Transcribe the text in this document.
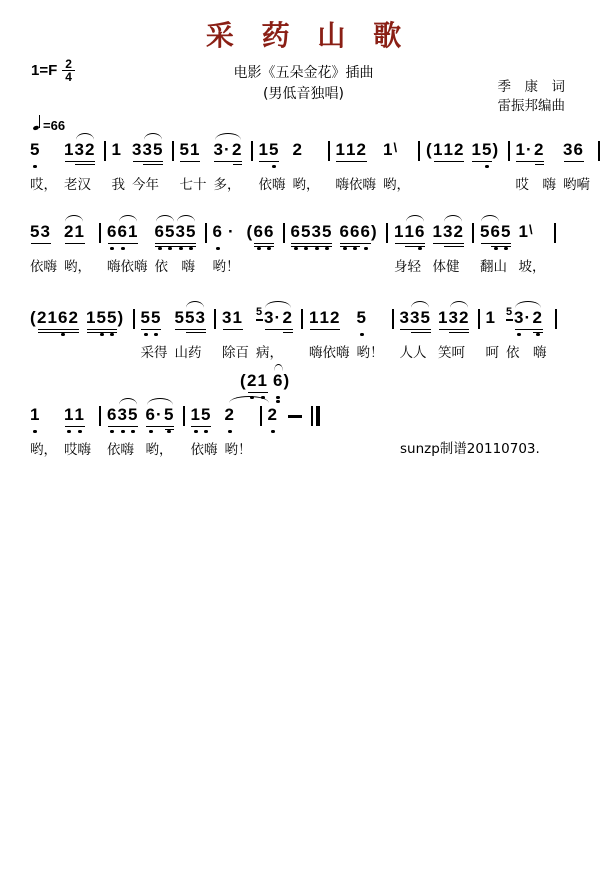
采 药 山 歌
$1=F \frac{2}{4}$	电影《五朵金花》插曲
(男低音独唱)	季　康　词
雷振邦编曲
=66
5
哎，
1 3 2
老汉
1
我
3 3 5
今年
5 1
七十
3 · 2
多，
1 5
依嗨
2
哟，
1 1 2
嗨依嗨
1 \
哟，
( 1 1 2 1 5 ) 1 · 2
哎　嗨
3 6
哟嗬
5 3
依嗨
2 1
哟，
6 6 1
嗨依嗨
6 5 3 5
依　嗨
6 ·
哟！
( 6 6 6 5 3 5 6 6 6 ) 1 1 6
身轻
1 3 2
体健
5 6 5
翻山
1 \
坡，
( 2 1 6 2 1 5 5 ) 5 5
采得
5 5 3
山药
3 1
除百
5 3 · 2
病，
1 1 2
嗨依嗨
5
哟！
3 3 5
人人
1 3 2
笑呵
1
呵
5 3 · 2
依　嗨
1
哟，
1 1
哎嗨
6 3 5
依嗨
6 · 5
哟，
1 5
依嗨
2
哟！
2
( 2 1 6 )
sunzp制谱20110703.
